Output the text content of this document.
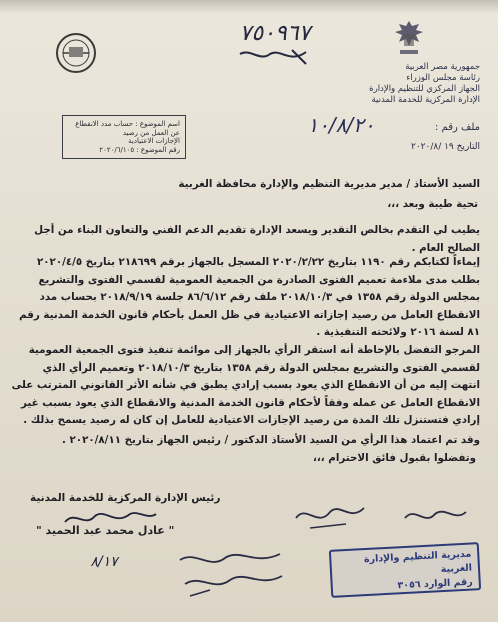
جمهورية مصر العربية
رئاسة مجلس الوزراء
الجهاز المركزي للتنظيم والإدارة
الإدارة المركزية للخدمة المدنية
٧٥٠٩٦٧
اسم الموضوع : حساب مدد الانقطاع عن العمل من رصيد
الإجازات الاعتيادية
رقم الموضوع : ٢٠٢٠/٦/١٠٥
١٠/٨/٢٠	ملف رقم :
التاريخ ١٩ /٢٠٢٠/٨
السيد الأستاذ / مدير مديرية التنظيم والإدارة محافظة الغربية
تحية طيبة وبعد ،،،
يطيب لي التقدم بخالص التقدير ويسعد الإدارة تقديم الدعم الفني والتعاون البناء من أجل الصالح العام .
إيماءاً لكتابكم رقم ١١٩٠ بتاريخ ٢٠٢٠/٢/٢٢ المسجل بالجهاز برقم ٢١٨٦٩٩ بتاريخ ٢٠٢٠/٤/٥ بطلب مدى ملاءمة تعميم الفتوى الصادرة من الجمعية العمومية لقسمي الفتوى والتشريع بمجلس الدولة رقم ١٣٥٨ في ٢٠١٨/١٠/٣ ملف رقم ٨٦/٦/١٢ جلسة ٢٠١٨/٩/١٩ بحساب مدد الانقطاع العامل من رصيد إجازاته الاعتيادية في ظل العمل بأحكام قانون الخدمة المدنية رقم ٨١ لسنة ٢٠١٦ ولائحته التنفيذية .
المرجو التفضل بالإحاطة أنه استقر الرأي بالجهاز إلى موائمة تنفيذ فتوى الجمعية العمومية لقسمي الفتوى والتشريع بمجلس الدولة رقم ١٣٥٨ بتاريخ ٢٠١٨/١٠/٣ وتعميم الرأي الذي انتهت إليه من أن الانقطاع الذي يعود بسبب إرادي يطبق في شأنه الأثر القانوني المترتب على الانقطاع العامل عن عمله وفقاً لأحكام قانون الخدمة المدنية والانقطاع الذي يعود بسبب غير إرادي فتستنزل تلك المدة من رصيد الإجازات الاعتيادية للعامل إن كان له رصيد يسمح بذلك .
وقد تم اعتماد هذا الرأي من السيد الأستاذ الدكتور / رئيس الجهاز بتاريخ ٢٠٢٠/٨/١١ .
وتفضلوا بقبول فائق الاحترام ،،،
رئيس الإدارة المركزية للخدمة المدنية
" عادل محمد عبد الحميد "
٨/١٧	مديرية التنظيم والإدارة الغربية
رقم الوارد ٣٠٥٦
